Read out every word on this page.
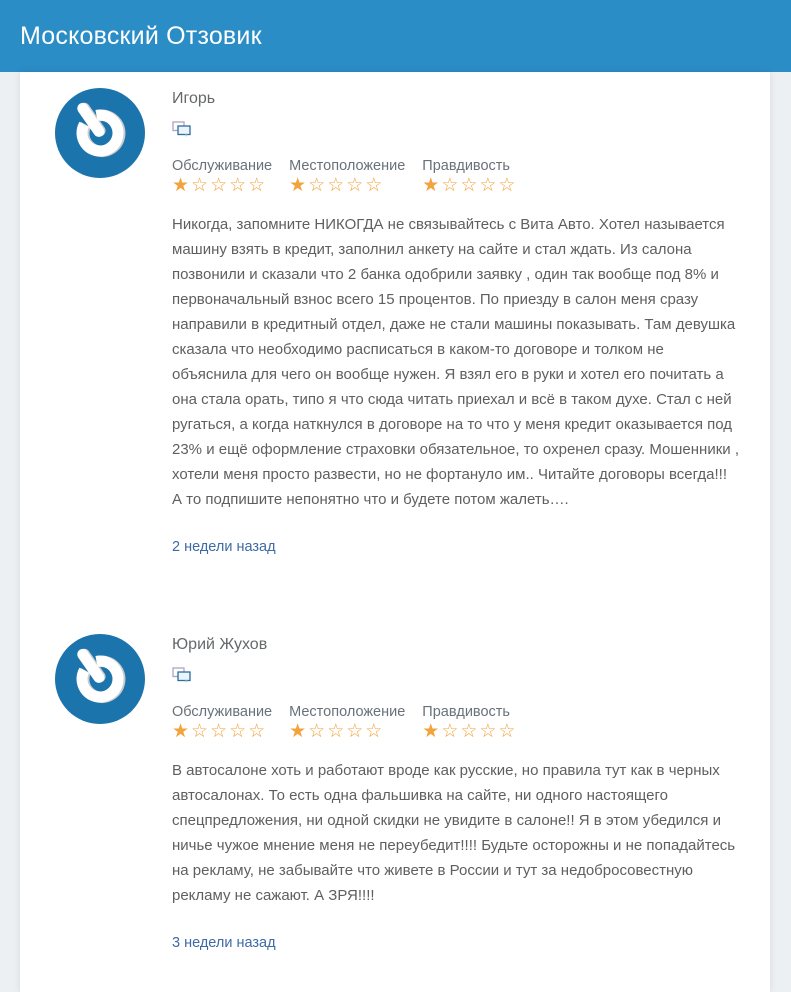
Московский Отзовик
Игорь
Обслуживание
★☆☆☆☆
Местоположение
★☆☆☆☆
Правдивость
★☆☆☆☆

Никогда, запомните НИКОГДА не связывайтесь с Вита Авто. Хотел называется машину взять в кредит, заполнил анкету на сайте и стал ждать. Из салона позвонили и сказали что 2 банка одобрили заявку , один так вообще под 8% и первоначальный взнос всего 15 процентов. По приезду в салон меня сразу направили в кредитный отдел, даже не стали машины показывать. Там девушка сказала что необходимо расписаться в каком-то договоре и толком не объяснила для чего он вообще нужен. Я взял его в руки и хотел его почитать а она стала орать, типо я что сюда читать приехал и всё в таком духе. Стал с ней ругаться, а когда наткнулся в договоре на то что у меня кредит оказывается под 23% и ещё оформление страховки обязательное, то охренел сразу. Мошенники , хотели меня просто развести, но не фортануло им.. Читайте договоры всегда!!! А то подпишите непонятно что и будете потом жалеть….

2 недели назад
Юрий Жухов
Обслуживание
★☆☆☆☆
Местоположение
★☆☆☆☆
Правдивость
★☆☆☆☆

В автосалоне хоть и работают вроде как русские, но правила тут как в черных автосалонах. То есть одна фальшивка на сайте, ни одного настоящего спецпредложения, ни одной скидки не увидите в салоне!! Я в этом убедился и ничье чужое мнение меня не переубедит!!!! Будьте осторожны и не попадайтесь на рекламу, не забывайте что живете в России и тут за недобросовестную рекламу не сажают. А ЗРЯ!!!!

3 недели назад
